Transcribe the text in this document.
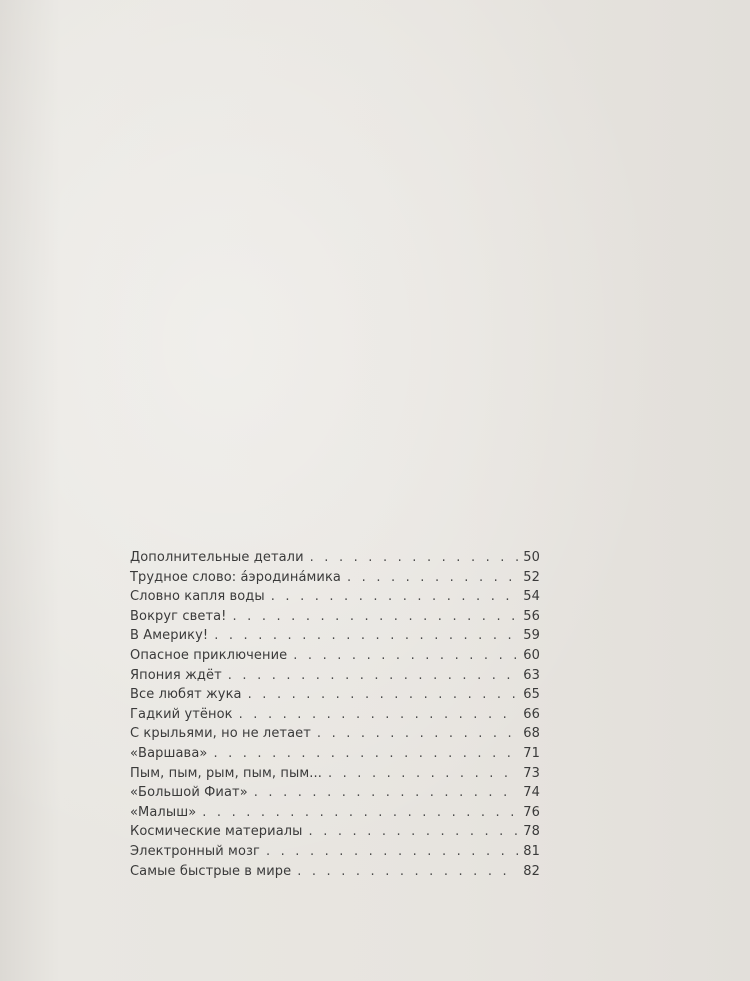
Дополнительные детали . . .	50
Трудное слово: а́эродина́мика . . .	52
Словно капля воды . . .	54
Вокруг света! . . .	56
В Америку! . . .	59
Опасное приключение . . .	60
Япония ждёт . . .	63
Все любят жука . . .	65
Гадкий утёнок . . .	66
С крыльями, но не летает . . .	68
«Варшава» . . .	71
Пым, пым, рым, пым, пым... . . .	73
«Большой Фиат» . . .	74
«Малыш» . . .	76
Космические материалы . . .	78
Электронный мозг . . .	81
Самые быстрые в мире . . .	82
